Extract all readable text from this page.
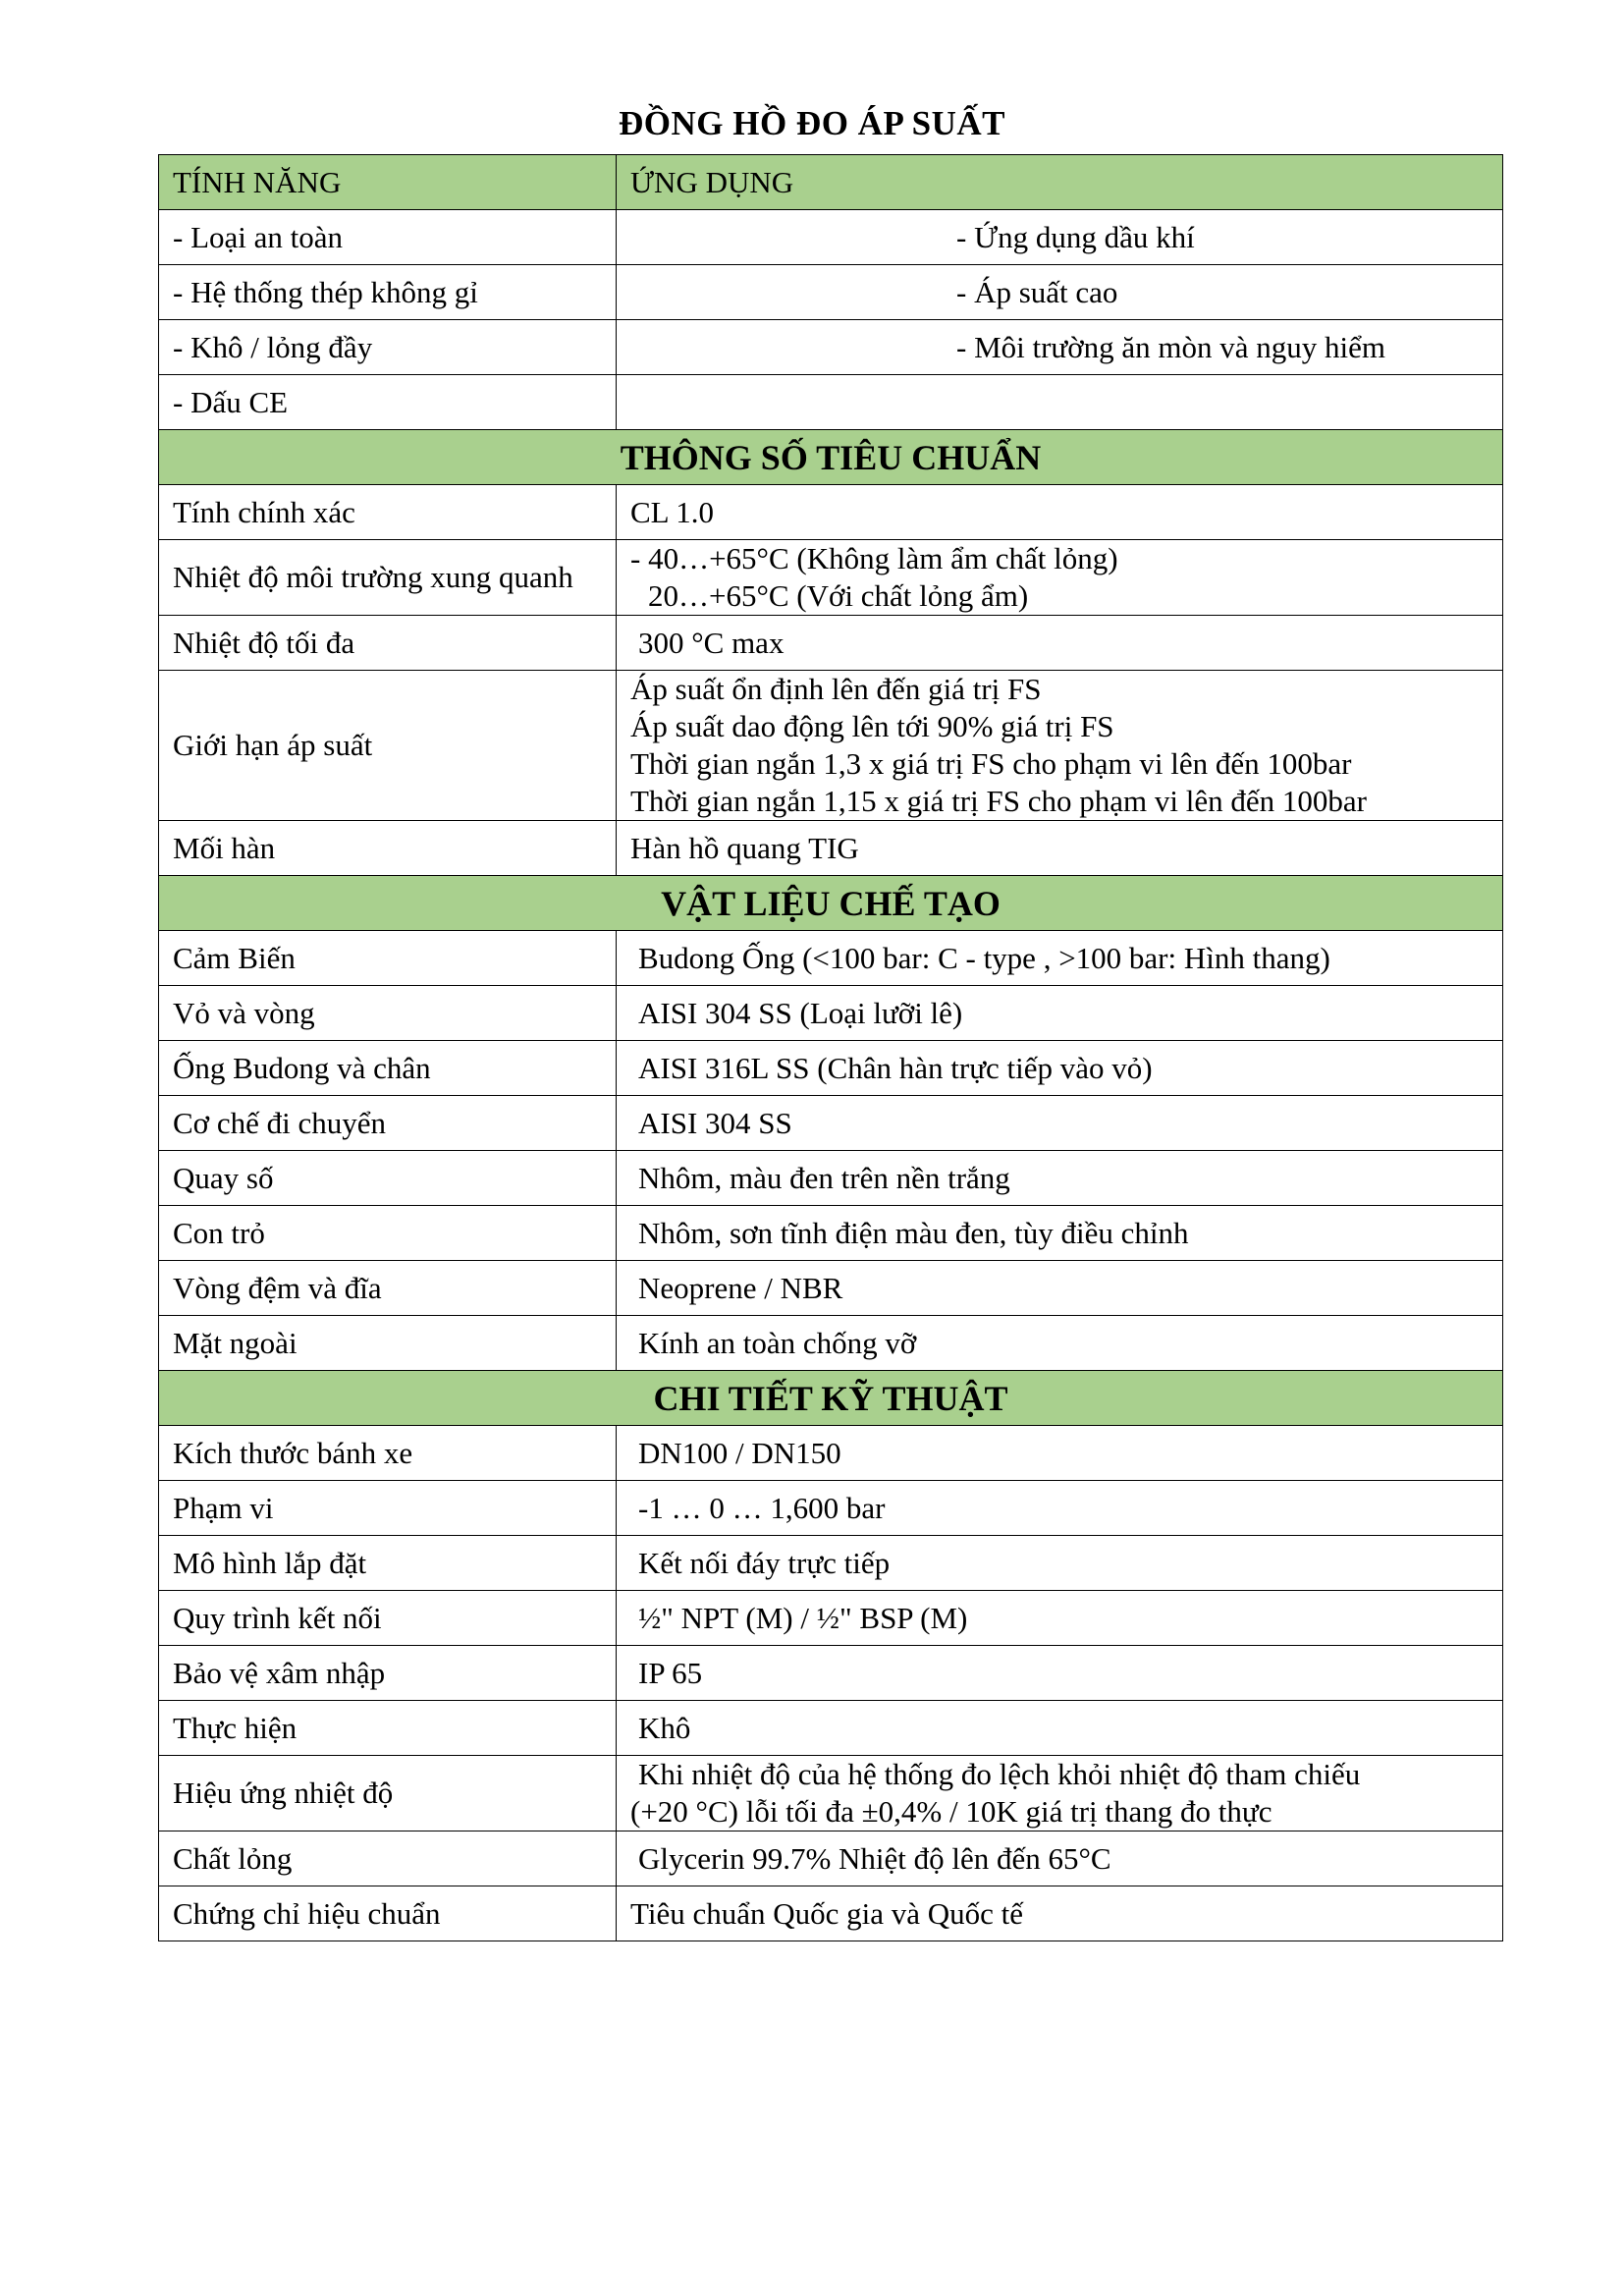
ĐỒNG HỒ ĐO ÁP SUẤT
TÍNH NĂNG	ỨNG DỤNG
- Loại an toàn	- Ứng dụng dầu khí
- Hệ thống thép không gỉ	- Áp suất cao
- Khô / lỏng đầy	- Môi trường ăn mòn và nguy hiểm
- Dấu CE	
THÔNG SỐ TIÊU CHUẨN	
Tính chính xác	CL 1.0
Nhiệt độ môi trường xung quanh	- 40…+65°C (Không làm ẩm chất lỏng)
20…+65°C (Với chất lỏng ẩm)

Nhiệt độ tối đa	300 °C max
Giới hạn áp suất	Áp suất ổn định lên đến giá trị FS
Áp suất dao động lên tới 90% giá trị FS
Thời gian ngắn 1,3 x giá trị FS cho phạm vi lên đến 100bar
Thời gian ngắn 1,15 x giá trị FS cho phạm vi lên đến 100bar

Mối hàn	Hàn hồ quang TIG
VẬT LIỆU CHẾ TẠO	
Cảm Biến	Budong Ống (<100 bar: C - type , >100 bar: Hình thang)
Vỏ và vòng	AISI 304 SS (Loại lưỡi lê)
Ống Budong và chân	AISI 316L SS (Chân hàn trực tiếp vào vỏ)
Cơ chế đi chuyển	AISI 304 SS
Quay số	Nhôm, màu đen trên nền trắng
Con trỏ	Nhôm, sơn tĩnh điện màu đen, tùy điều chỉnh
Vòng đệm và đĩa	Neoprene / NBR
Mặt ngoài	Kính an toàn chống vỡ
CHI TIẾT KỸ THUẬT	
Kích thước bánh xe	DN100 / DN150
Phạm vi	-1 … 0 … 1,600 bar
Mô hình lắp đặt	Kết nối đáy trực tiếp
Quy trình kết nối	½" NPT (M) / ½" BSP (M)
Bảo vệ xâm nhập	IP 65
Thực hiện	Khô
Hiệu ứng nhiệt độ	Khi nhiệt độ của hệ thống đo lệch khỏi nhiệt độ tham chiếu
(+20 °C) lỗi tối đa ±0,4% / 10K giá trị thang đo thực

Chất lỏng	Glycerin 99.7% Nhiệt độ lên đến 65°C
Chứng chỉ hiệu chuẩn	Tiêu chuẩn Quốc gia và Quốc tế
